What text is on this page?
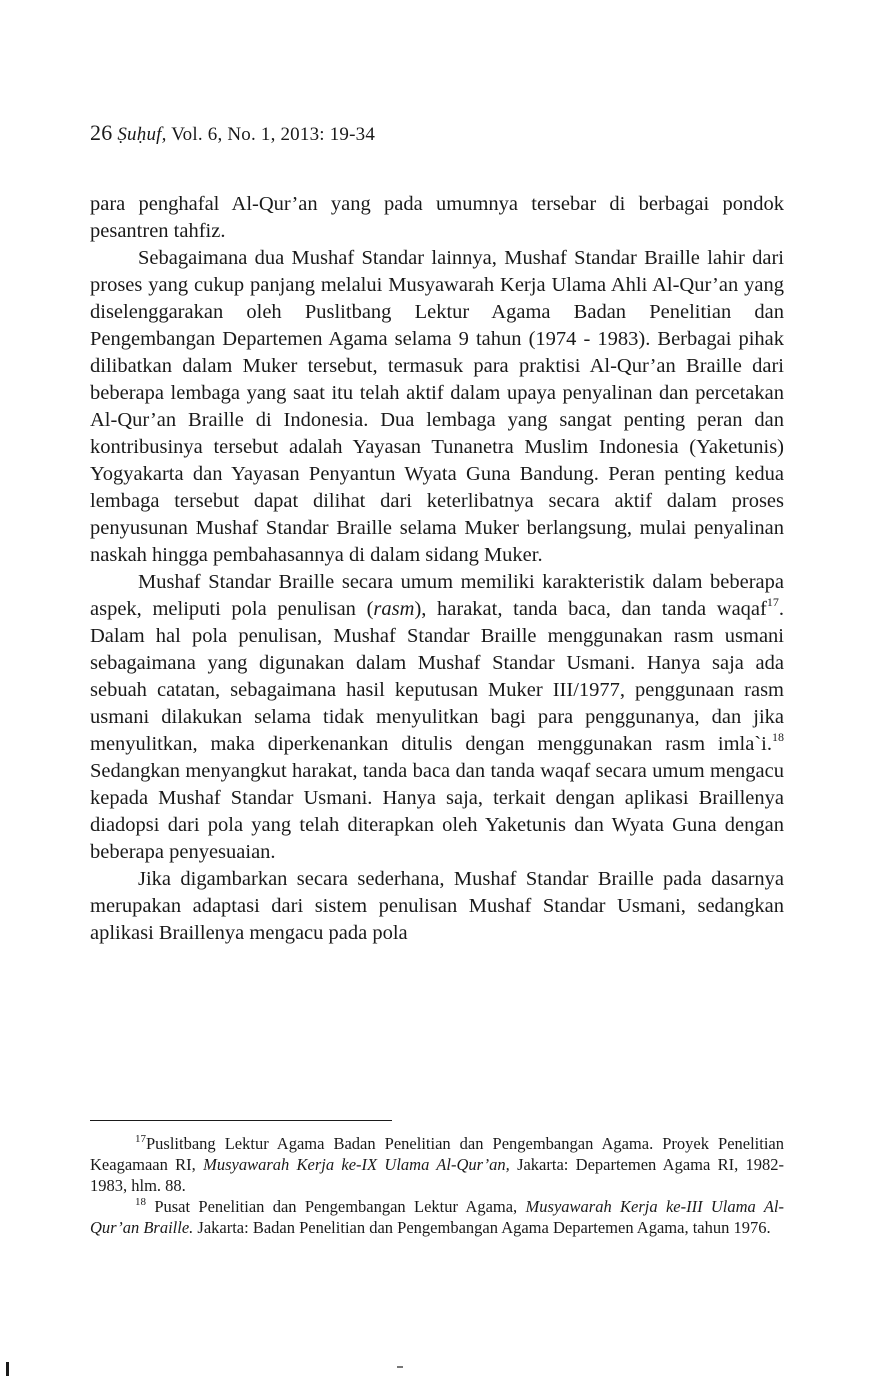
26 Ṣuḥuf, Vol. 6, No. 1, 2013: 19-34

para penghafal Al-Qur’an yang pada umumnya tersebar di berbagai pondok pesantren tahfiz.

Sebagaimana dua Mushaf Standar lainnya, Mushaf Standar Braille lahir dari proses yang cukup panjang melalui Musyawarah Kerja Ulama Ahli Al-Qur’an yang diselenggarakan oleh Puslitbang Lektur Agama Badan Penelitian dan Pengembangan Departemen Agama selama 9 tahun (1974 - 1983). Berbagai pihak dilibatkan dalam Muker tersebut, termasuk para praktisi Al-Qur’an Braille dari beberapa lembaga yang saat itu telah aktif dalam upaya penyalinan dan percetakan Al-Qur’an Braille di Indonesia. Dua lembaga yang sangat penting peran dan kontribusinya tersebut adalah Yayasan Tunanetra Muslim Indonesia (Yaketunis) Yogyakarta dan Yayasan Penyantun Wyata Guna Bandung. Peran penting kedua lembaga tersebut dapat dilihat dari keterlibatnya secara aktif dalam proses penyusunan Mushaf Standar Braille selama Muker berlangsung, mulai penyalinan naskah hingga pembahasannya di dalam sidang Muker.

Mushaf Standar Braille secara umum memiliki karakteristik dalam beberapa aspek, meliputi pola penulisan (rasm), harakat, tanda baca, dan tanda waqaf$^{17}$. Dalam hal pola penulisan, Mushaf Standar Braille menggunakan rasm usmani sebagaimana yang digunakan dalam Mushaf Standar Usmani. Hanya saja ada sebuah catatan, sebagaimana hasil keputusan Muker III/1977, penggunaan rasm usmani dilakukan selama tidak menyulitkan bagi para penggunanya, dan jika menyulitkan, maka diperkenankan ditulis dengan menggunakan rasm imla`i.$^{18}$ Sedangkan menyangkut harakat, tanda baca dan tanda waqaf secara umum mengacu kepada Mushaf Standar Usmani. Hanya saja, terkait dengan aplikasi Braillenya diadopsi dari pola yang telah diterapkan oleh Yaketunis dan Wyata Guna dengan beberapa penyesuaian.

Jika digambarkan secara sederhana, Mushaf Standar Braille pada dasarnya merupakan adaptasi dari sistem penulisan Mushaf Standar Usmani, sedangkan aplikasi Braillenya mengacu pada pola

$^{17}$Puslitbang Lektur Agama Badan Penelitian dan Pengembangan Agama. Proyek Penelitian Keagamaan RI, Musyawarah Kerja ke-IX Ulama Al-Qur’an, Jakarta: Departemen Agama RI, 1982-1983, hlm. 88.

$^{18}$ Pusat Penelitian dan Pengembangan Lektur Agama, Musyawarah Kerja ke-III Ulama Al-Qur’an Braille. Jakarta: Badan Penelitian dan Pengembangan Agama Departemen Agama, tahun 1976.
